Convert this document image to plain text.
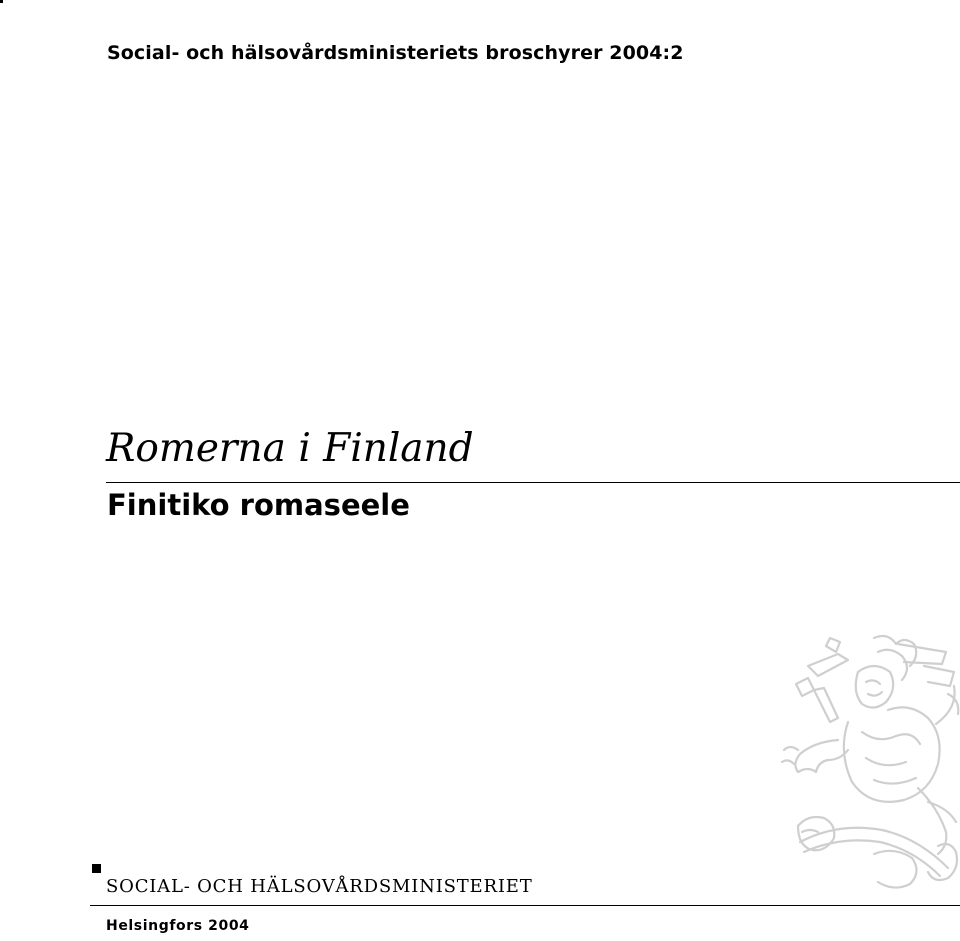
Social- och hälsovårdsministeriets broschyrer 2004:2
Romerna i Finland
Finitiko romaseele
SOCIAL- OCH HÄLSOVÅRDSMINISTERIET
Helsingfors 2004
